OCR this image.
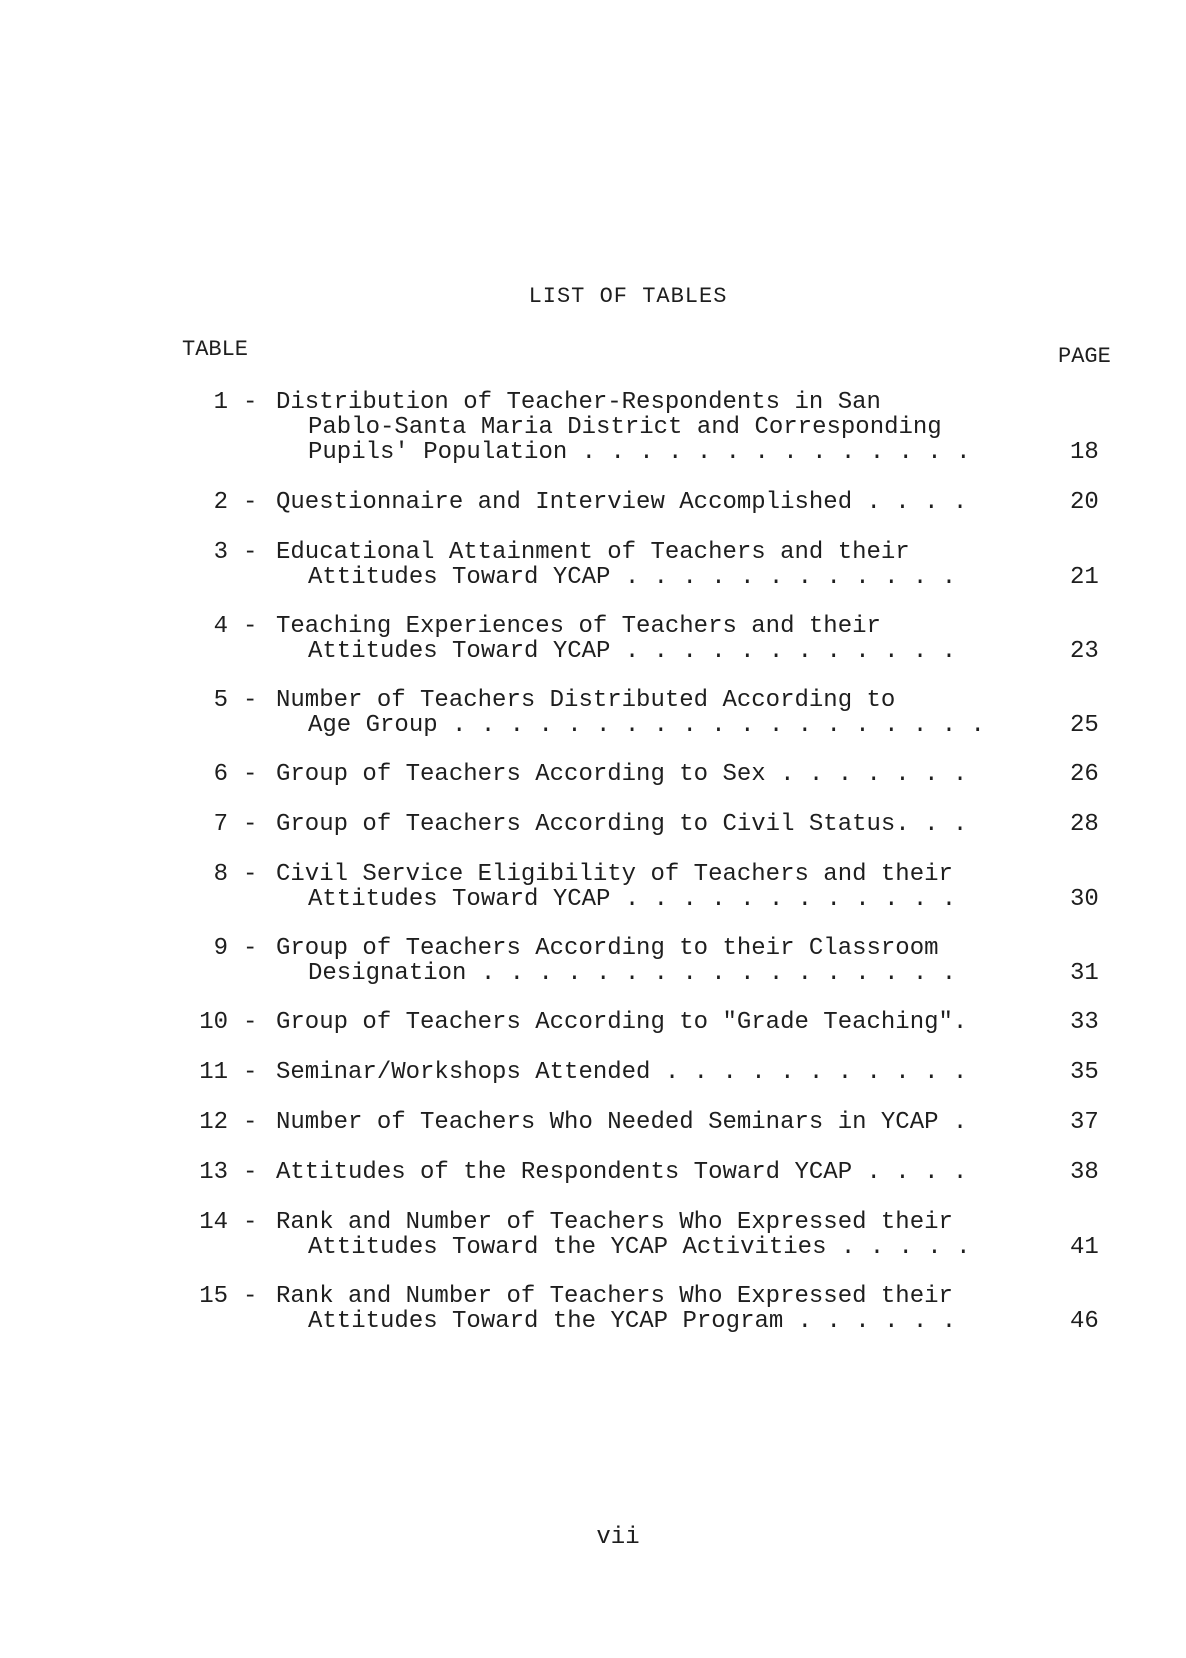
LIST OF TABLES
TABLE	PAGE
1 - Distribution of Teacher-Respondents in San
Pablo-Santa Maria District and Corresponding
Pupils' Population . . . . . . . . . . . . . .	18
2 - Questionnaire and Interview Accomplished . . . .	20
3 - Educational Attainment of Teachers and their
Attitudes Toward YCAP . . . . . . . . . . . .	21
4 - Teaching Experiences of Teachers and their
Attitudes Toward YCAP . . . . . . . . . . . .	23
5 - Number of Teachers Distributed According to
Age Group . . . . . . . . . . . . . . . . . . .	25
6 - Group of Teachers According to Sex . . . . . . .	26
7 - Group of Teachers According to Civil Status. . .	28
8 - Civil Service Eligibility of Teachers and their
Attitudes Toward YCAP . . . . . . . . . . . .	30
9 - Group of Teachers According to their Classroom
Designation . . . . . . . . . . . . . . . . .	31
10 - Group of Teachers According to "Grade Teaching".	33
11 - Seminar/Workshops Attended . . . . . . . . . . .	35
12 - Number of Teachers Who Needed Seminars in YCAP .	37
13 - Attitudes of the Respondents Toward YCAP . . . .	38
14 - Rank and Number of Teachers Who Expressed their
Attitudes Toward the YCAP Activities . . . . .	41
15 - Rank and Number of Teachers Who Expressed their
Attitudes Toward the YCAP Program . . . . . .	46
vii
